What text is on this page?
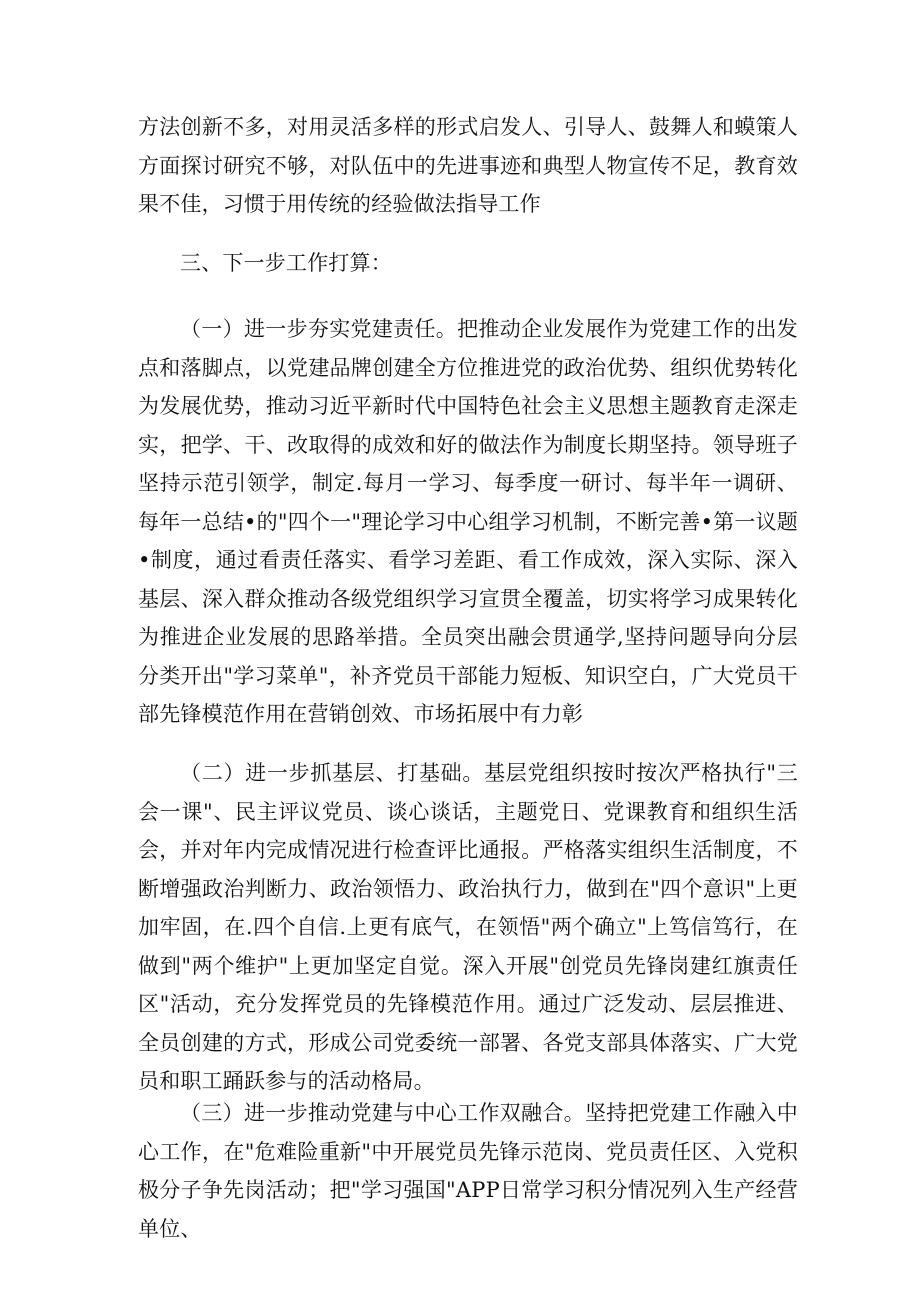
方法创新不多，对用灵活多样的形式启发人、引导人、鼓舞人和蟆策人方面探讨研究不够，对队伍中的先进事迹和典型人物宣传不足，教育效果不佳，习惯于用传统的经验做法指导工作

三、下一步工作打算：

（一）进一步夯实党建责任。把推动企业发展作为党建工作的出发点和落脚点，以党建品牌创建全方位推进党的政治优势、组织优势转化为发展优势，推动习近平新时代中国特色社会主义思想主题教育走深走实，把学、干、改取得的成效和好的做法作为制度长期坚持。领导班子坚持示范引领学，制定.每月一学习、每季度一研讨、每半年一调研、每年一总结•的"四个一"理论学习中心组学习机制，不断完善•第一议题•制度，通过看责任落实、看学习差距、看工作成效，深入实际、深入基层、深入群众推动各级党组织学习宣贯全覆盖，切实将学习成果转化为推进企业发展的思路举措。全员突出融会贯通学,坚持问题导向分层分类开出"学习菜单"，补齐党员干部能力短板、知识空白，广大党员干部先锋模范作用在营销创效、市场拓展中有力彰

（二）进一步抓基层、打基础。基层党组织按时按次严格执行"三会一课"、民主评议党员、谈心谈话，主题党日、党课教育和组织生活会，并对年内完成情况进行检查评比通报。严格落实组织生活制度，不断增强政治判断力、政治领悟力、政治执行力，做到在"四个意识"上更加牢固，在.四个自信.上更有底气，在领悟"两个确立"上笃信笃行，在做到"两个维护"上更加坚定自觉。深入开展"创党员先锋岗建红旗责任区"活动，充分发挥党员的先锋模范作用。通过广泛发动、层层推进、全员创建的方式，形成公司党委统一部署、各党支部具体落实、广大党员和职工踊跃参与的活动格局。

（三）进一步推动党建与中心工作双融合。坚持把党建工作融入中心工作，在"危难险重新"中开展党员先锋示范岗、党员责任区、入党积极分子争先岗活动；把"学习强国"APP日常学习积分情况列入生产经营单位、
